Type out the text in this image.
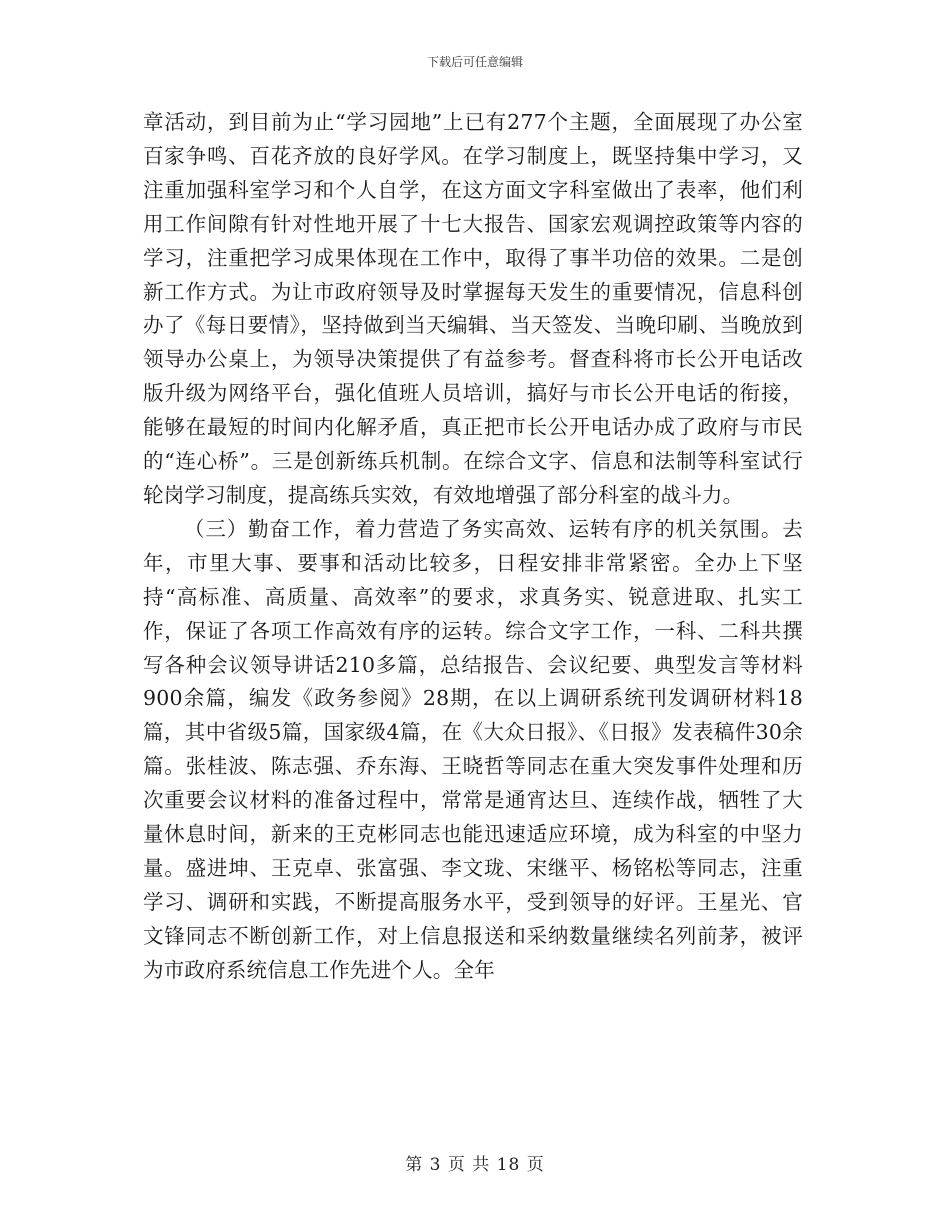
下载后可任意编辑

章活动，到目前为止“学习园地”上已有277个主题，全面展现了办公室百家争鸣、百花齐放的良好学风。在学习制度上，既坚持集中学习，又注重加强科室学习和个人自学，在这方面文字科室做出了表率，他们利用工作间隙有针对性地开展了十七大报告、国家宏观调控政策等内容的学习，注重把学习成果体现在工作中，取得了事半功倍的效果。二是创新工作方式。为让市政府领导及时掌握每天发生的重要情况，信息科创办了《每日要情》，坚持做到当天编辑、当天签发、当晚印刷、当晚放到领导办公桌上，为领导决策提供了有益参考。督查科将市长公开电话改版升级为网络平台，强化值班人员培训，搞好与市长公开电话的衔接，能够在最短的时间内化解矛盾，真正把市长公开电话办成了政府与市民的“连心桥”。三是创新练兵机制。在综合文字、信息和法制等科室试行轮岗学习制度，提高练兵实效，有效地增强了部分科室的战斗力。

（三）勤奋工作，着力营造了务实高效、运转有序的机关氛围。去年，市里大事、要事和活动比较多，日程安排非常紧密。全办上下坚持“高标准、高质量、高效率”的要求，求真务实、锐意进取、扎实工作，保证了各项工作高效有序的运转。综合文字工作，一科、二科共撰写各种会议领导讲话210多篇，总结报告、会议纪要、典型发言等材料900余篇，编发《政务参阅》28期，在以上调研系统刊发调研材料18篇，其中省级5篇，国家级4篇，在《大众日报》、《日报》发表稿件30余篇。张桂波、陈志强、乔东海、王晓哲等同志在重大突发事件处理和历次重要会议材料的准备过程中，常常是通宵达旦、连续作战，牺牲了大量休息时间，新来的王克彬同志也能迅速适应环境，成为科室的中坚力量。盛进坤、王克卓、张富强、李文珑、宋继平、杨铭松等同志，注重学习、调研和实践，不断提高服务水平，受到领导的好评。王星光、官文锋同志不断创新工作，对上信息报送和采纳数量继续名列前茅，被评为市政府系统信息工作先进个人。全年

第 3 页 共 18 页
